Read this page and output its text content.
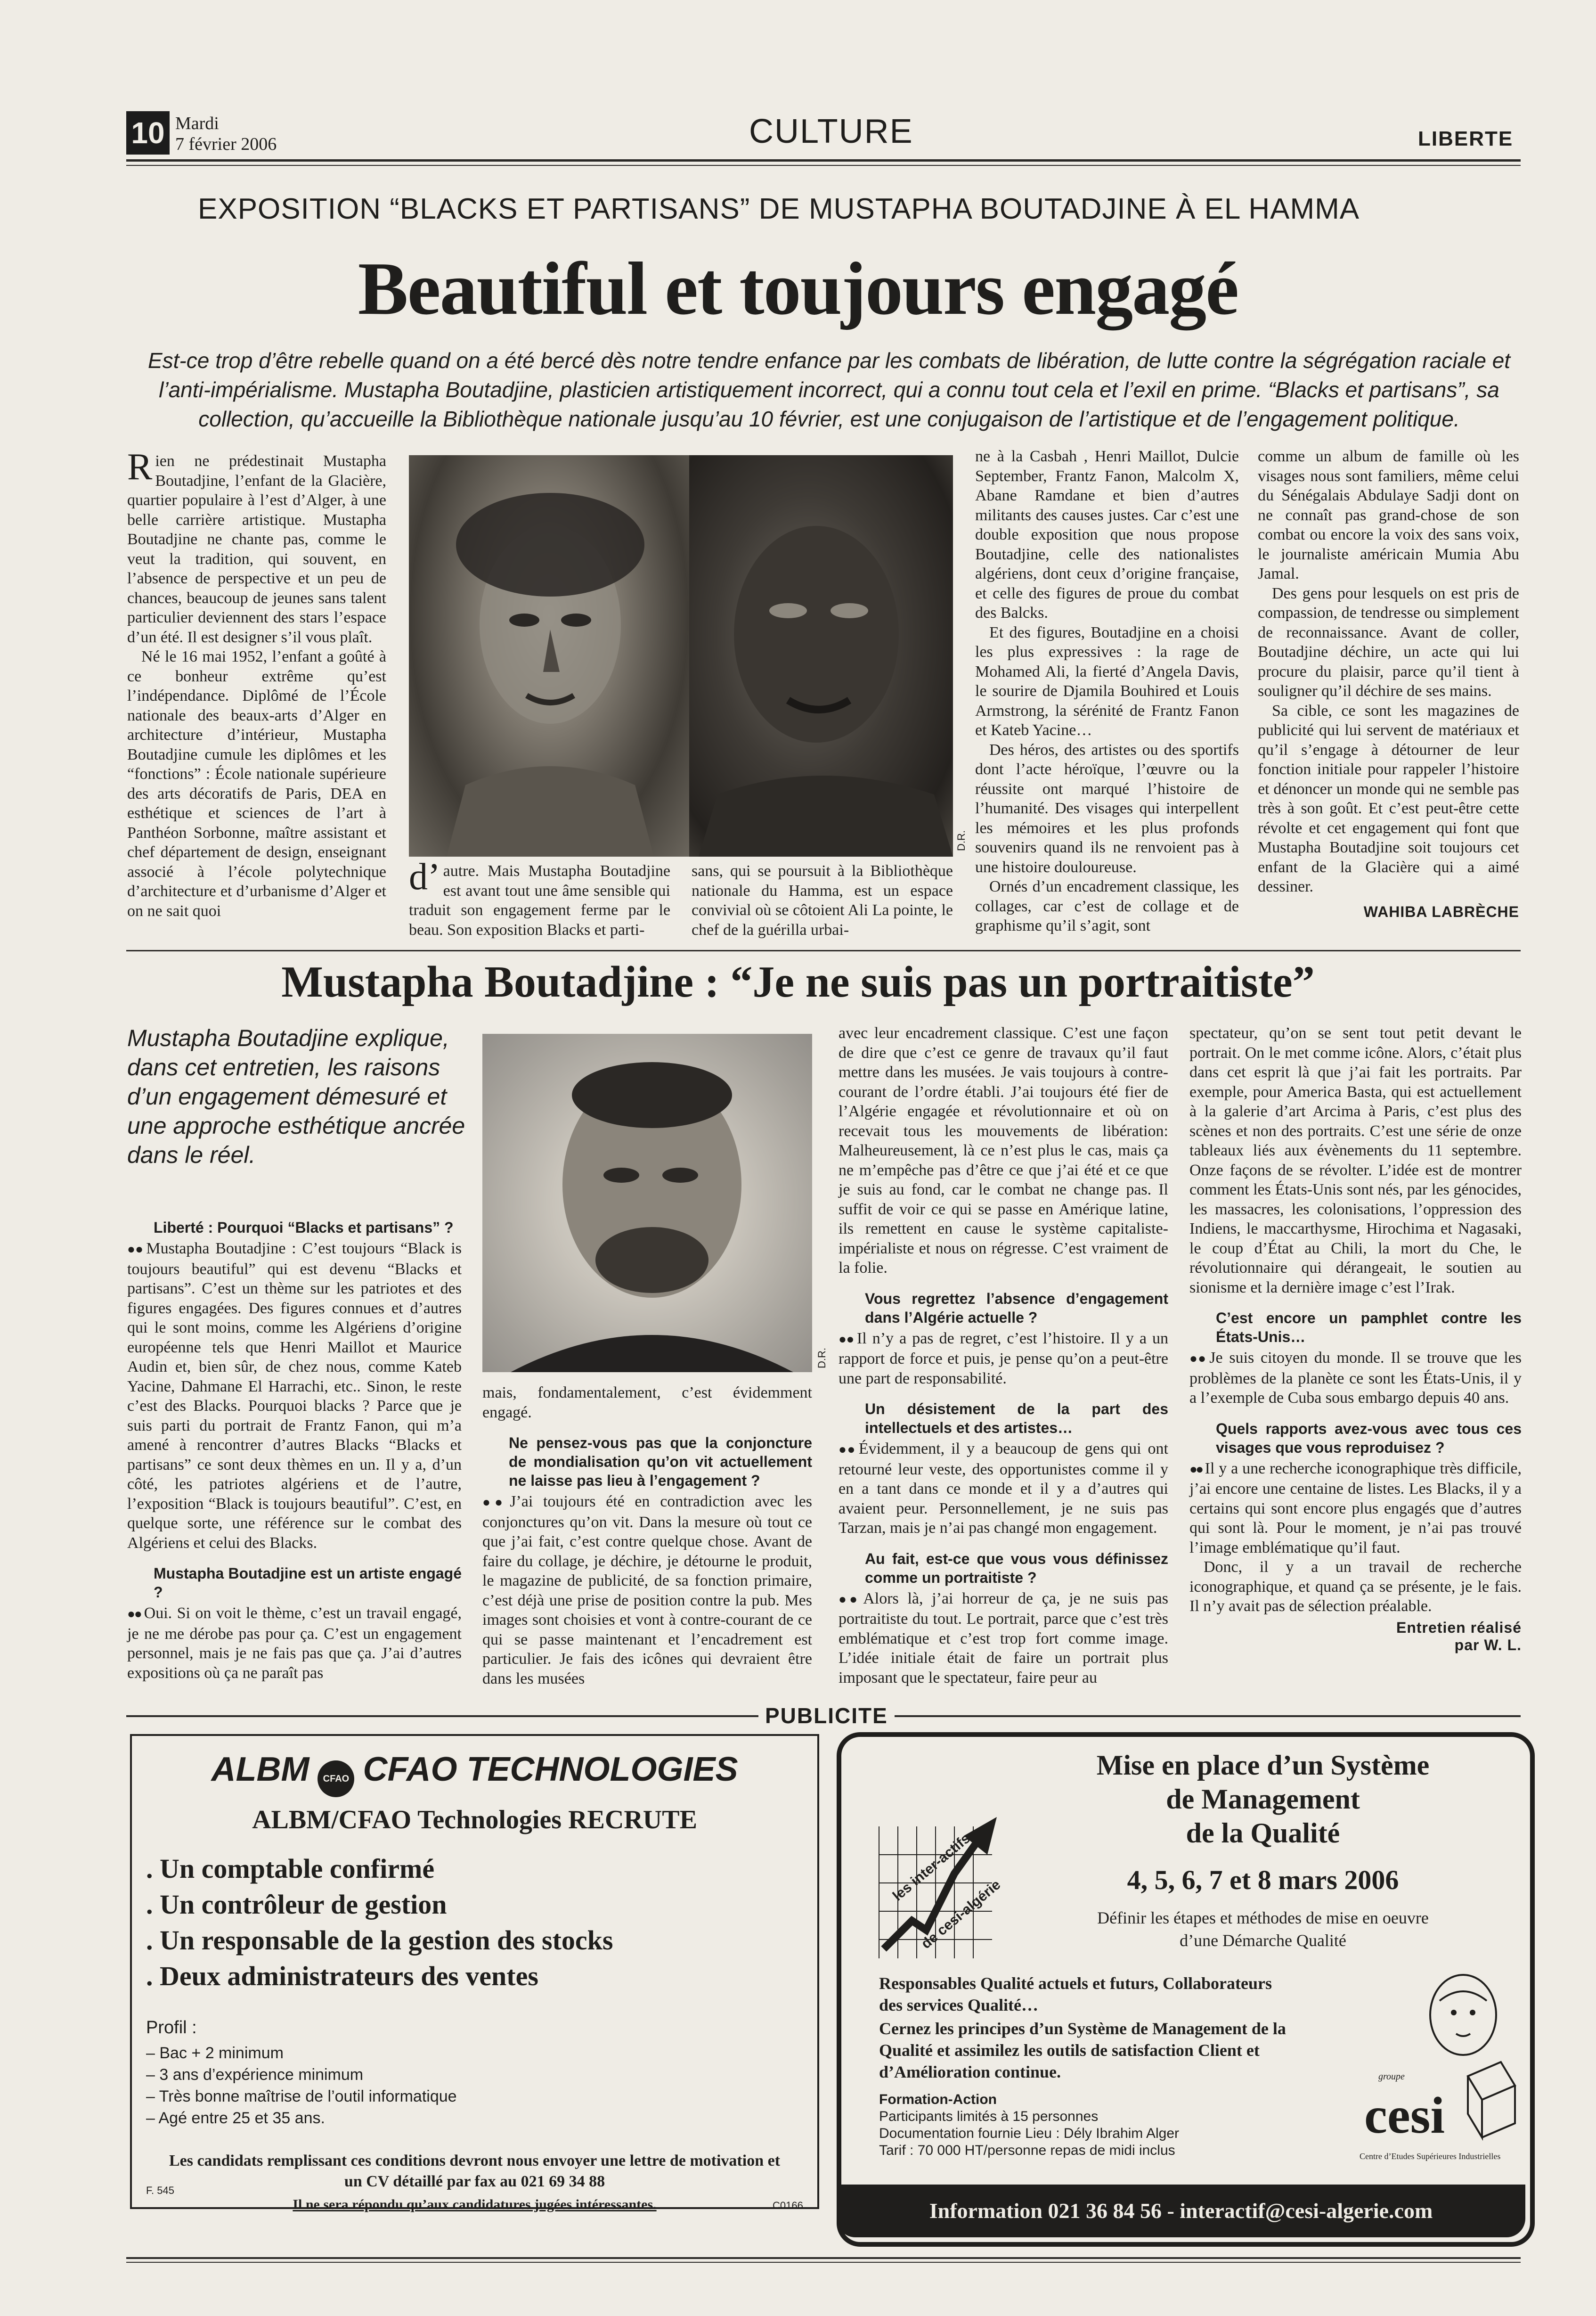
10 Mardi
7 février 2006	CULTURE	LIBERTE
EXPOSITION “BLACKS ET PARTISANS” DE MUSTAPHA BOUTADJINE À EL HAMMA
Beautiful et toujours engagé
Est-ce trop d’être rebelle quand on a été bercé dès notre tendre enfance par les combats de libération, de lutte contre la ségrégation raciale et l’anti-impérialisme. Mustapha Boutadjine, plasticien artistiquement incorrect, qui a connu tout cela et l’exil en prime. “Blacks et partisans”, sa collection, qu’accueille la Bibliothèque nationale jusqu’au 10 février, est une conjugaison de l’artistique et de l’engagement politique.

Rien ne prédestinait Mustapha Boutadjine, l’enfant de la Glacière, quartier populaire à l’est d’Alger, à une belle carrière artistique. Mustapha Boutadjine ne chante pas, comme le veut la tradition, qui souvent, en l’absence de perspective et un peu de chances, beaucoup de jeunes sans talent particulier deviennent des stars l’espace d’un été. Il est designer s’il vous plaît.

Né le 16 mai 1952, l’enfant a goûté à ce bonheur extrême qu’est l’indépendance. Diplômé de l’École nationale des beaux-arts d’Alger en architecture d’intérieur, Mustapha Boutadjine cumule les diplômes et les “fonctions” : École nationale supérieure des arts décoratifs de Paris, DEA en esthétique et sciences de l’art à Panthéon Sorbonne, maître assistant et chef département de design, enseignant associé à l’école polytechnique d’architecture et d’urbanisme d’Alger et on ne sait quoi

D.R.

d’autre. Mais Mustapha Boutadjine est avant tout une âme sensible qui traduit son engagement ferme par le beau. Son exposition Blacks et parti-

sans, qui se poursuit à la Bibliothèque nationale du Hamma, est un espace convivial où se côtoient Ali La pointe, le chef de la guérilla urbai-

ne à la Casbah , Henri Maillot, Dulcie September, Frantz Fanon, Malcolm X, Abane Ramdane et bien d’autres militants des causes justes. Car c’est une double exposition que nous propose Boutadjine, celle des nationalistes algériens, dont ceux d’origine française, et celle des figures de proue du combat des Balcks.

Et des figures, Boutadjine en a choisi les plus expressives : la rage de Mohamed Ali, la fierté d’Angela Davis, le sourire de Djamila Bouhired et Louis Armstrong, la sérénité de Frantz Fanon et Kateb Yacine…

Des héros, des artistes ou des sportifs dont l’acte héroïque, l’œuvre ou la réussite ont marqué l’histoire de l’humanité. Des visages qui interpellent les mémoires et les plus profonds souvenirs quand ils ne renvoient pas à une histoire douloureuse.

Ornés d’un encadrement classique, les collages, car c’est de collage et de graphisme qu’il s’agit, sont

comme un album de famille où les visages nous sont familiers, même celui du Sénégalais Abdulaye Sadji dont on ne connaît pas grand-chose de son combat ou encore la voix des sans voix, le journaliste américain Mumia Abu Jamal.

Des gens pour lesquels on est pris de compassion, de tendresse ou simplement de reconnaissance. Avant de coller, Boutadjine déchire, un acte qui lui procure du plaisir, parce qu’il tient à souligner qu’il déchire de ses mains.

Sa cible, ce sont les magazines de publicité qui lui servent de matériaux et qu’il s’engage à détourner de leur fonction initiale pour rappeler l’histoire et dénoncer un monde qui ne semble pas très à son goût. Et c’est peut-être cette révolte et cet engagement qui font que Mustapha Boutadjine soit toujours cet enfant de la Glacière qui a aimé dessiner.

WAHIBA LABRÈCHE
Mustapha Boutadjine : “Je ne suis pas un portraitiste”
Mustapha Boutadjine explique, dans cet entretien, les raisons d’un engagement démesuré et une approche esthétique ancrée dans le réel.
Liberté : Pourquoi “Blacks et partisans” ?

●● Mustapha Boutadjine : C’est toujours “Black is toujours beautiful” qui est devenu “Blacks et partisans”. C’est un thème sur les patriotes et des figures engagées. Des figures connues et d’autres qui le sont moins, comme les Algériens d’origine européenne tels que Henri Maillot et Maurice Audin et, bien sûr, de chez nous, comme Kateb Yacine, Dahmane El Harrachi, etc.. Sinon, le reste c’est des Blacks. Pourquoi blacks ? Parce que je suis parti du portrait de Frantz Fanon, qui m’a amené à rencontrer d’autres Blacks “Blacks et partisans” ce sont deux thèmes en un. Il y a, d’un côté, les patriotes algériens et de l’autre, l’exposition “Black is toujours beautiful”. C’est, en quelque sorte, une référence sur le combat des Algériens et celui des Blacks.

Mustapha Boutadjine est un artiste engagé ?

●● Oui. Si on voit le thème, c’est un travail engagé, je ne me dérobe pas pour ça. C’est un engagement personnel, mais je ne fais pas que ça. J’ai d’autres expositions où ça ne paraît pas

D.R.

mais, fondamentalement, c’est évidemment engagé.

Ne pensez-vous pas que la conjoncture de mondialisation qu’on vit actuellement ne laisse pas lieu à l’engagement ?

●● J’ai toujours été en contradiction avec les conjonctures qu’on vit. Dans la mesure où tout ce que j’ai fait, c’est contre quelque chose. Avant de faire du collage, je déchire, je détourne le produit, le magazine de publicité, de sa fonction primaire, c’est déjà une prise de position contre la pub. Mes images sont choisies et vont à contre-courant de ce qui se passe maintenant et l’encadrement est particulier. Je fais des icônes qui devraient être dans les musées

avec leur encadrement classique. C’est une façon de dire que c’est ce genre de travaux qu’il faut mettre dans les musées. Je vais toujours à contre-courant de l’ordre établi. J’ai toujours été fier de l’Algérie engagée et révolutionnaire et où on recevait tous les mouvements de libération: Malheureusement, là ce n’est plus le cas, mais ça ne m’empêche pas d’être ce que j’ai été et ce que je suis au fond, car le combat ne change pas. Il suffit de voir ce qui se passe en Amérique latine, ils remettent en cause le système capitaliste-impérialiste et nous on régresse. C’est vraiment de la folie.

Vous regrettez l’absence d’engagement dans l’Algérie actuelle ?

●● Il n’y a pas de regret, c’est l’histoire. Il y a un rapport de force et puis, je pense qu’on a peut-être une part de responsabilité.

Un désistement de la part des intellectuels et des artistes…

●● Évidemment, il y a beaucoup de gens qui ont retourné leur veste, des opportunistes comme il y en a tant dans ce monde et il y a d’autres qui avaient peur. Personnellement, je ne suis pas Tarzan, mais je n’ai pas changé mon engagement.

Au fait, est-ce que vous vous définissez comme un portraitiste ?

●● Alors là, j’ai horreur de ça, je ne suis pas portraitiste du tout. Le portrait, parce que c’est très emblématique et c’est trop fort comme image. L’idée initiale était de faire un portrait plus imposant que le spectateur, faire peur au

spectateur, qu’on se sent tout petit devant le portrait. On le met comme icône. Alors, c’était plus dans cet esprit là que j’ai fait les portraits. Par exemple, pour America Basta, qui est actuellement à la galerie d’art Arcima à Paris, c’est plus des scènes et non des portraits. C’est une série de onze tableaux liés aux évènements du 11 septembre. Onze façons de se révolter. L’idée est de montrer comment les États-Unis sont nés, par les génocides, les massacres, les colonisations, l’oppression des Indiens, le maccarthysme, Hirochima et Nagasaki, le coup d’État au Chili, la mort du Che, le révolutionnaire qui dérangeait, le soutien au sionisme et la dernière image c’est l’Irak.

C’est encore un pamphlet contre les États-Unis…

●● Je suis citoyen du monde. Il se trouve que les problèmes de la planète ce sont les États-Unis, il y a l’exemple de Cuba sous embargo depuis 40 ans.

Quels rapports avez-vous avec tous ces visages que vous reproduisez ?

●● Il y a une recherche iconographique très difficile, j’ai encore une centaine de listes. Les Blacks, il y a certains qui sont encore plus engagés que d’autres qui sont là. Pour le moment, je n’ai pas trouvé l’image emblématique qu’il faut.

Donc, il y a un travail de recherche iconographique, et quand ça se présente, je le fais. Il n’y avait pas de sélection préalable.

Entretien réalisé
par W. L.
PUBLICITE
ALBM CFAO CFAO TECHNOLOGIES
ALBM/CFAO Technologies RECRUTE
. Un comptable confirmé
. Un contrôleur de gestion
. Un responsable de la gestion des stocks
. Deux administrateurs des ventes
Profil :
– Bac + 2 minimum
– 3 ans d’expérience minimum
– Très bonne maîtrise de l’outil informatique
– Agé entre 25 et 35 ans.
Les candidats remplissant ces conditions devront nous envoyer une lettre de motivation et un CV détaillé par fax au 021 69 34 88
F. 545
Il ne sera répondu qu’aux candidatures jugées intéressantes.	C0166
Mise en place d’un Système
de Management
de la Qualité
4, 5, 6, 7 et 8 mars 2006
Définir les étapes et méthodes de mise en oeuvre
d’une Démarche Qualité
les inter-actifs
de cesi-algérie
Responsables Qualité actuels et futurs, Collaborateurs
des services Qualité…
Cernez les principes d’un Système de Management de la
Qualité et assimilez les outils de satisfaction Client et
d’Amélioration continue.
Formation-Action
Participants limités à 15 personnes
Documentation fournie Lieu : Dély Ibrahim Alger
Tarif : 70 000 HT/personne repas de midi inclus
groupe
cesi
Centre d’Etudes Supérieures Industrielles
Information 021 36 84 56 - interactif@cesi-algerie.com
